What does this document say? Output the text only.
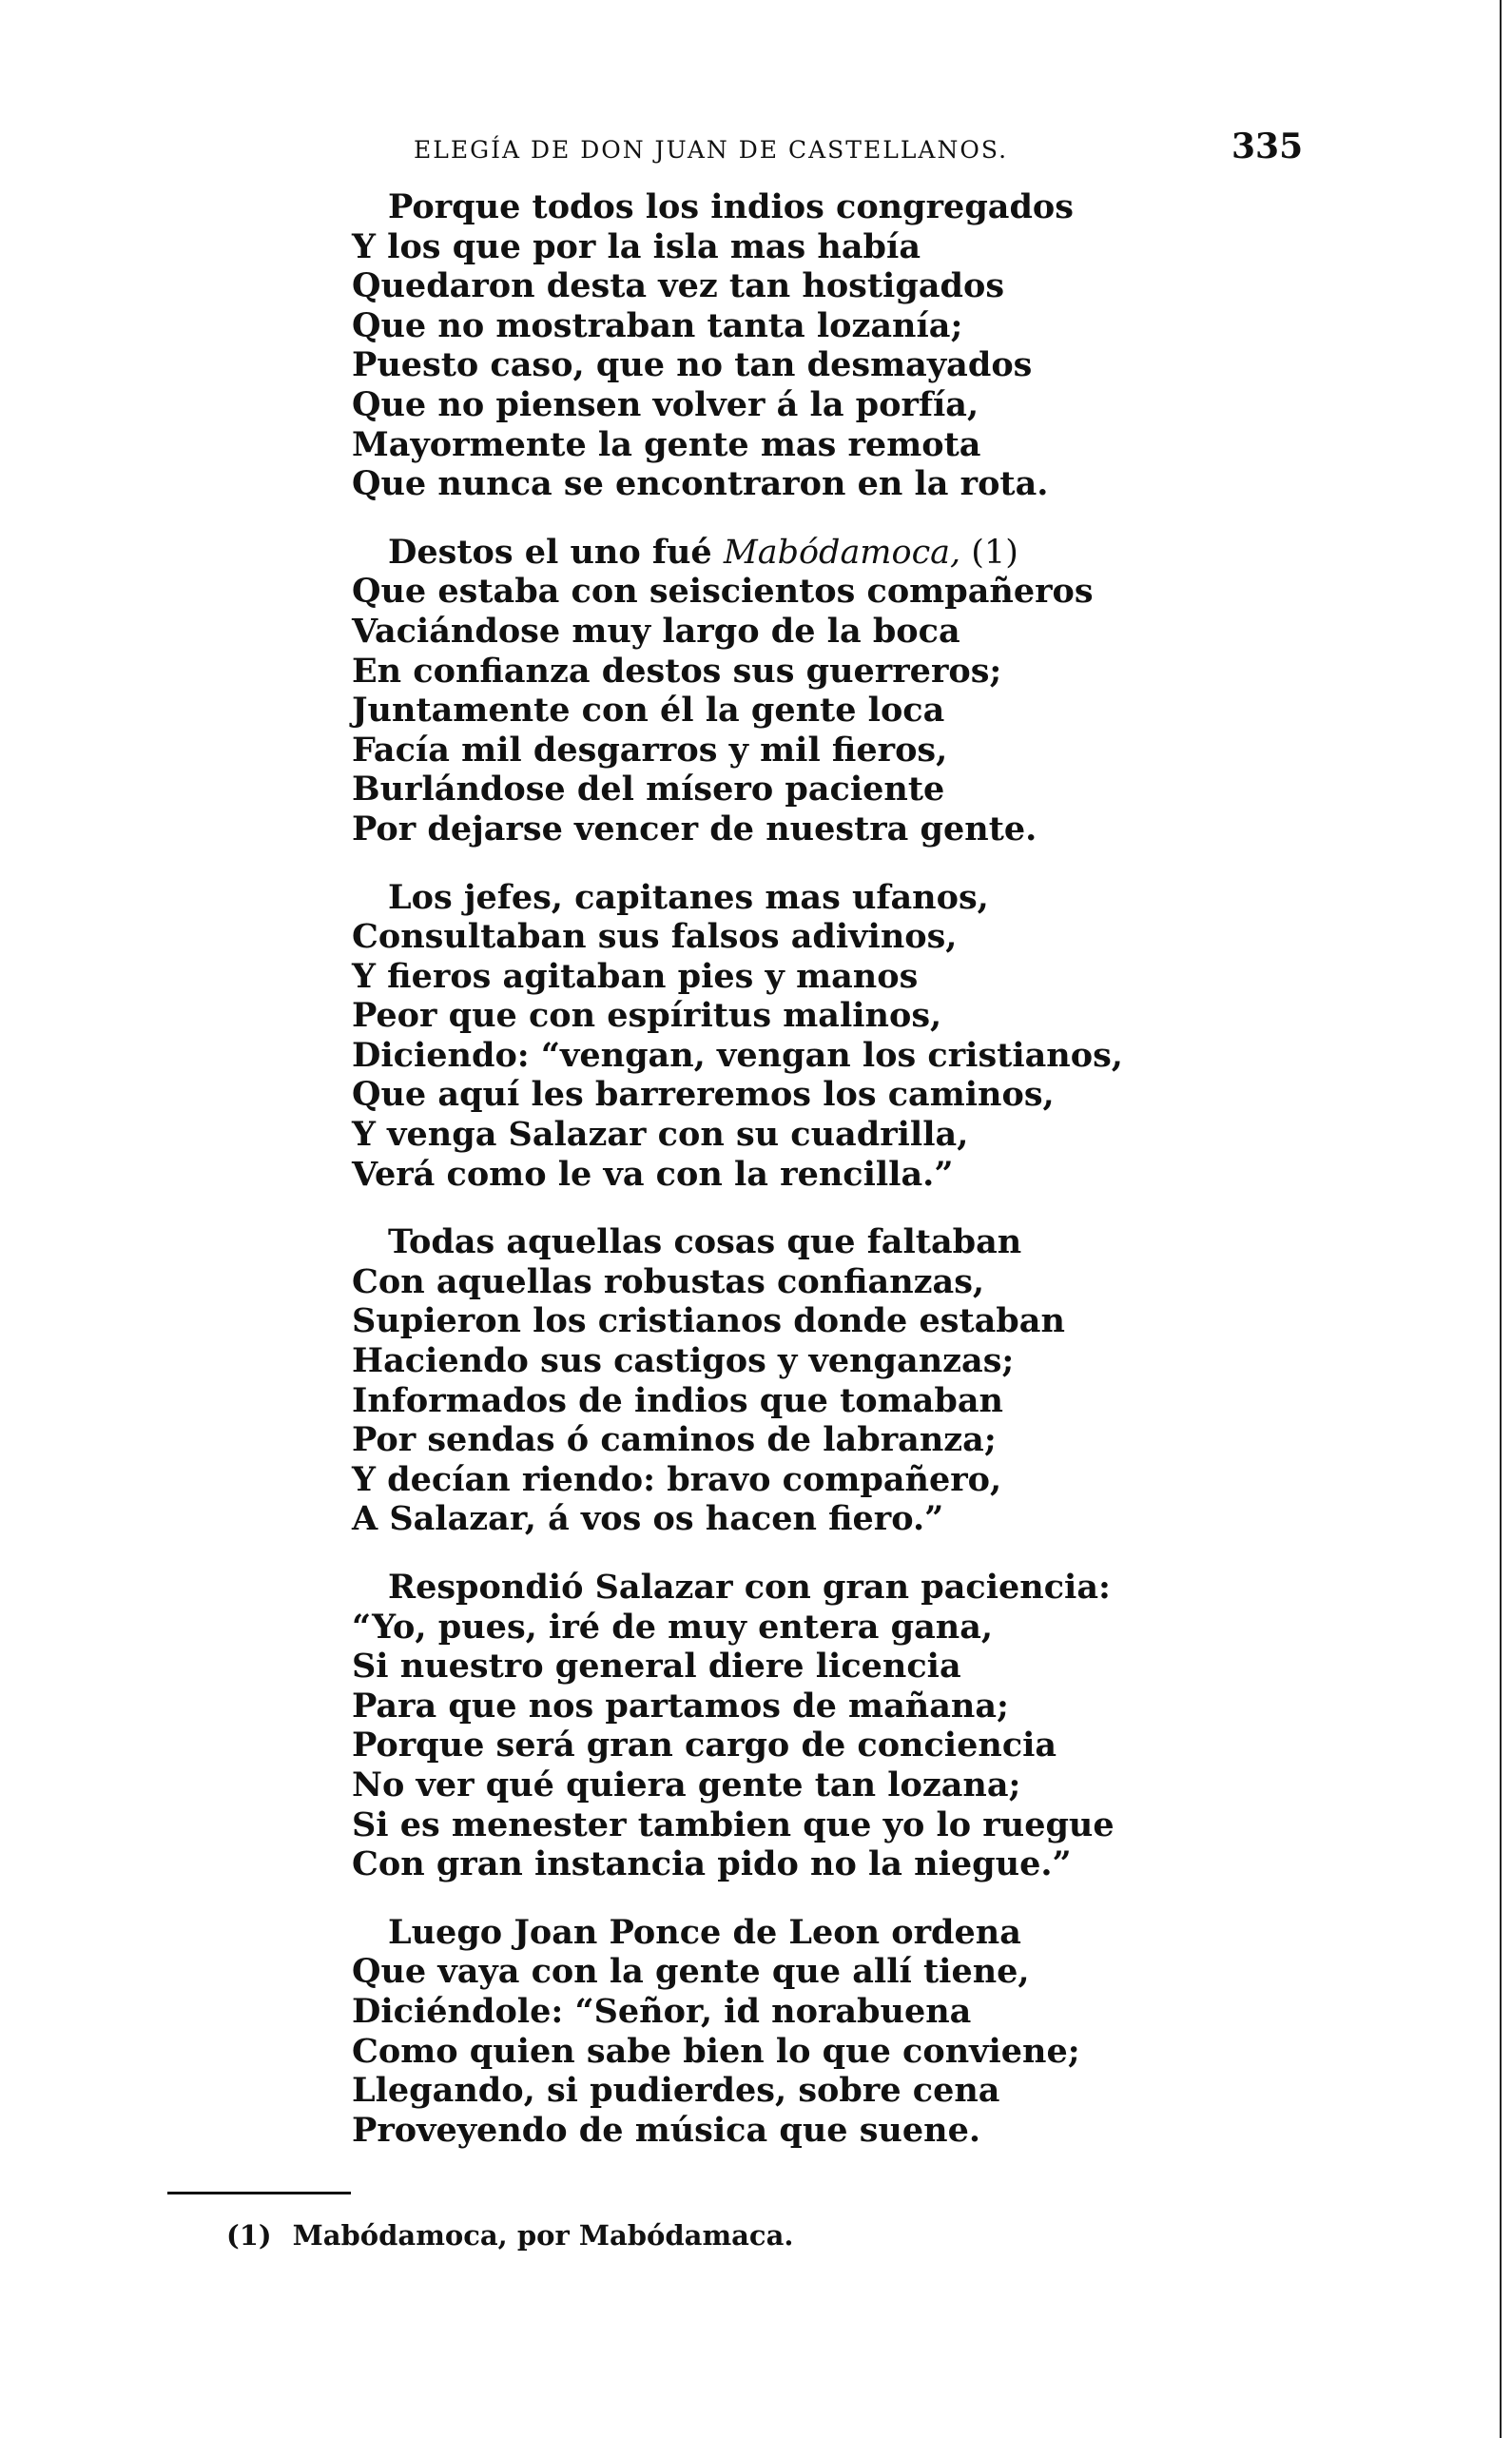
ELEGÍA DE DON JUAN DE CASTELLANOS.	335
Porque todos los indios congregados
Y los que por la isla mas había
Quedaron desta vez tan hostigados
Que no mostraban tanta lozanía;
Puesto caso, que no tan desmayados
Que no piensen volver á la porfía,
Mayormente la gente mas remota
Que nunca se encontraron en la rota.
Destos el uno fué Mabódamoca, (1)
Que estaba con seiscientos compañeros
Vaciándose muy largo de la boca
En confianza destos sus guerreros;
Juntamente con él la gente loca
Facía mil desgarros y mil fieros,
Burlándose del mísero paciente
Por dejarse vencer de nuestra gente.
Los jefes, capitanes mas ufanos,
Consultaban sus falsos adivinos,
Y fieros agitaban pies y manos
Peor que con espíritus malinos,
Diciendo: “vengan, vengan los cristianos,
Que aquí les barreremos los caminos,
Y venga Salazar con su cuadrilla,
Verá como le va con la rencilla.”
Todas aquellas cosas que faltaban
Con aquellas robustas confianzas,
Supieron los cristianos donde estaban
Haciendo sus castigos y venganzas;
Informados de indios que tomaban
Por sendas ó caminos de labranza;
Y decían riendo: bravo compañero,
A Salazar, á vos os hacen fiero.”
Respondió Salazar con gran paciencia:
“Yo, pues, iré de muy entera gana,
Si nuestro general diere licencia
Para que nos partamos de mañana;
Porque será gran cargo de conciencia
No ver qué quiera gente tan lozana;
Si es menester tambien que yo lo ruegue
Con gran instancia pido no la niegue.”
Luego Joan Ponce de Leon ordena
Que vaya con la gente que allí tiene,
Diciéndole: “Señor, id norabuena
Como quien sabe bien lo que conviene;
Llegando, si pudierdes, sobre cena
Proveyendo de música que suene.
(1) Mabódamoca, por Mabódamaca.
